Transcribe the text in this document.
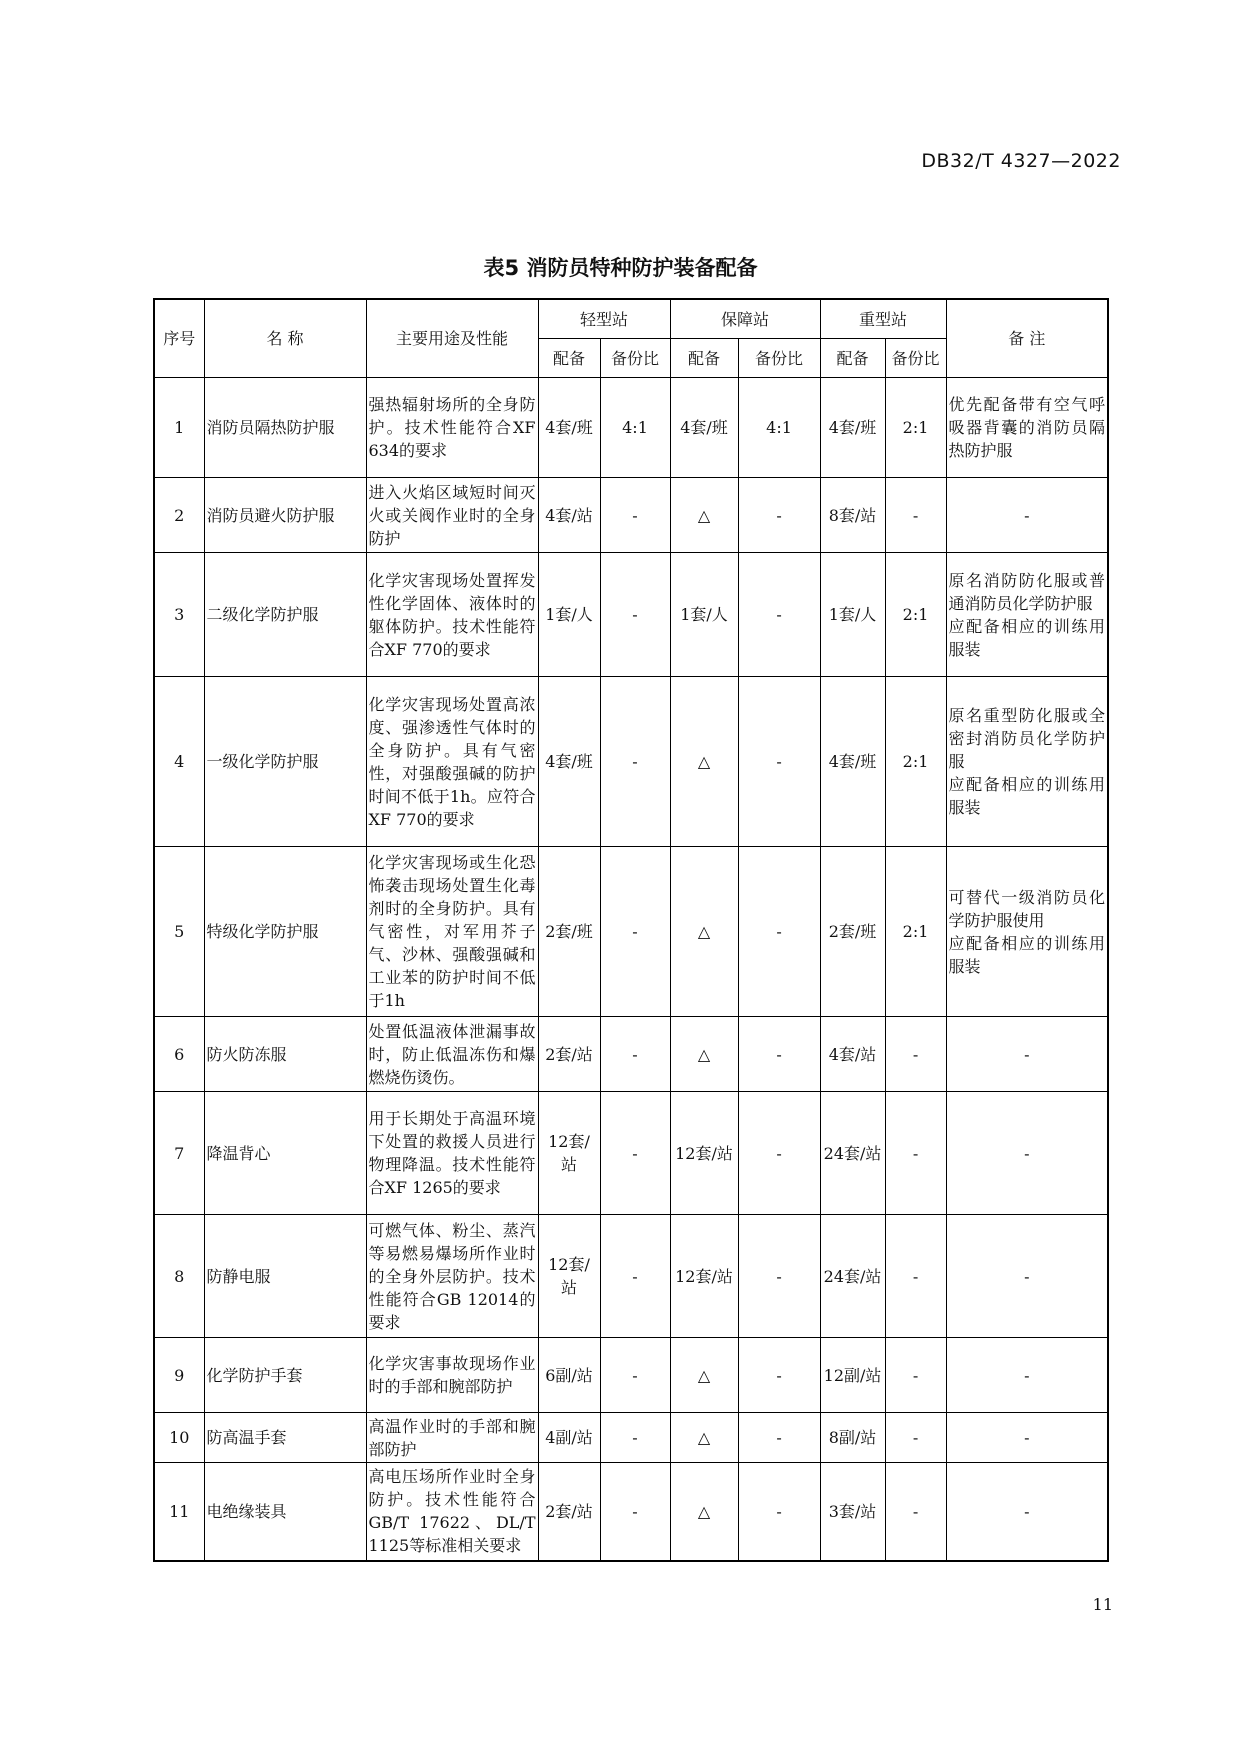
DB32/T 4327—2022
表5 消防员特种防护装备配备
序号	名 称	主要用途及性能	轻型站		保障站		重型站		备 注
			配备	备份比	配备	备份比	配备	备份比	
1	消防员隔热防护服	强热辐射场所的全身防护。技术性能符合XF 634的要求	4套/班	4:1	4套/班	4:1	4套/班	2:1	优先配备带有空气呼吸器背囊的消防员隔热防护服
2	消防员避火防护服	进入火焰区域短时间灭火或关阀作业时的全身防护	4套/站	-	△	-	8套/站	-	-
3	二级化学防护服	化学灾害现场处置挥发性化学固体、液体时的躯体防护。技术性能符合XF 770的要求	1套/人	-	1套/人	-	1套/人	2:1	原名消防防化服或普通消防员化学防护服
应配备相应的训练用服装
4	一级化学防护服	化学灾害现场处置高浓度、强渗透性气体时的全身防护。具有气密性，对强酸强碱的防护时间不低于1h。应符合XF 770的要求	4套/班	-	△	-	4套/班	2:1	原名重型防化服或全密封消防员化学防护服
应配备相应的训练用服装
5	特级化学防护服	化学灾害现场或生化恐怖袭击现场处置生化毒剂时的全身防护。具有气密性，对军用芥子气、沙林、强酸强碱和工业苯的防护时间不低于1h	2套/班	-	△	-	2套/班	2:1	可替代一级消防员化学防护服使用
应配备相应的训练用服装
6	防火防冻服	处置低温液体泄漏事故时，防止低温冻伤和爆燃烧伤烫伤。	2套/站	-	△	-	4套/站	-	-
7	降温背心	用于长期处于高温环境下处置的救援人员进行物理降温。技术性能符合XF 1265的要求	12套/站	-	12套/站	-	24套/站	-	-
8	防静电服	可燃气体、粉尘、蒸汽等易燃易爆场所作业时的全身外层防护。技术性能符合GB 12014的要求	12套/站	-	12套/站	-	24套/站	-	-
9	化学防护手套	化学灾害事故现场作业时的手部和腕部防护	6副/站	-	△	-	12副/站	-	-
10	防高温手套	高温作业时的手部和腕部防护	4副/站	-	△	-	8副/站	-	-
11	电绝缘装具	高电压场所作业时全身防护。技术性能符合GB/T 17622、DL/T 1125等标准相关要求	2套/站	-	△	-	3套/站	-	-
11
